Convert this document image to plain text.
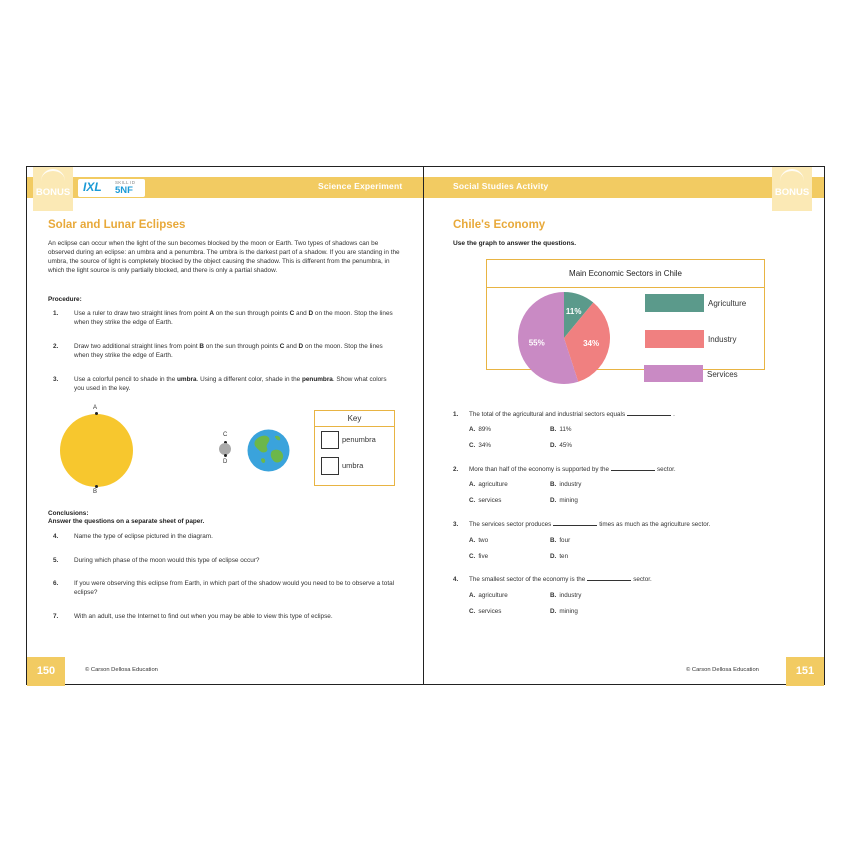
Science Experiment
BONUS IXL	SKILL ID
5NF
Solar and Lunar Eclipses
An eclipse can occur when the light of the sun becomes blocked by the moon or Earth. Two types of shadows can be observed during an eclipse: an umbra and a penumbra. The umbra is the darkest part of a shadow. If you are standing in the umbra, the source of light is completely blocked by the object causing the shadow. This is different from the penumbra, in which the light source is only partially blocked, and there is only a partial shadow.
Procedure:
1. Use a ruler to draw two straight lines from point A on the sun through points C and D on the moon. Stop the lines when they strike the edge of Earth.
2. Draw two additional straight lines from point B on the sun through points C and D on the moon. Stop the lines when they strike the edge of Earth.
3. Use a colorful pencil to shade in the umbra. Using a different color, shade in the penumbra. Show what colors you used in the key.
A
B
C
D
Key
penumbra
umbra
Conclusions:
Answer the questions on a separate sheet of paper.
4. Name the type of eclipse pictured in the diagram.
5. During which phase of the moon would this type of eclipse occur?
6. If you were observing this eclipse from Earth, in which part of the shadow would you need to be to observe a total eclipse?
7. With an adult, use the Internet to find out when you may be able to view this type of eclipse.
150	© Carson Dellosa Education
Social Studies Activity
BONUS
Chile's Economy
Use the graph to answer the questions.
Main Economic Sectors in Chile
11%
34%
55%
Agriculture
Industry
Services
1. The total of the agricultural and industrial sectors equals	.
A. 89%	B. 11%
C. 34%	D. 45%
2. More than half of the economy is supported by the	sector.
A. agriculture	B. industry
C. services	D. mining
3. The services sector produces	times as much as the agriculture sector.
A. two	B. four
C. five	D. ten
4. The smallest sector of the economy is the	sector.
A. agriculture	B. industry
C. services	D. mining
© Carson Dellosa Education	151
